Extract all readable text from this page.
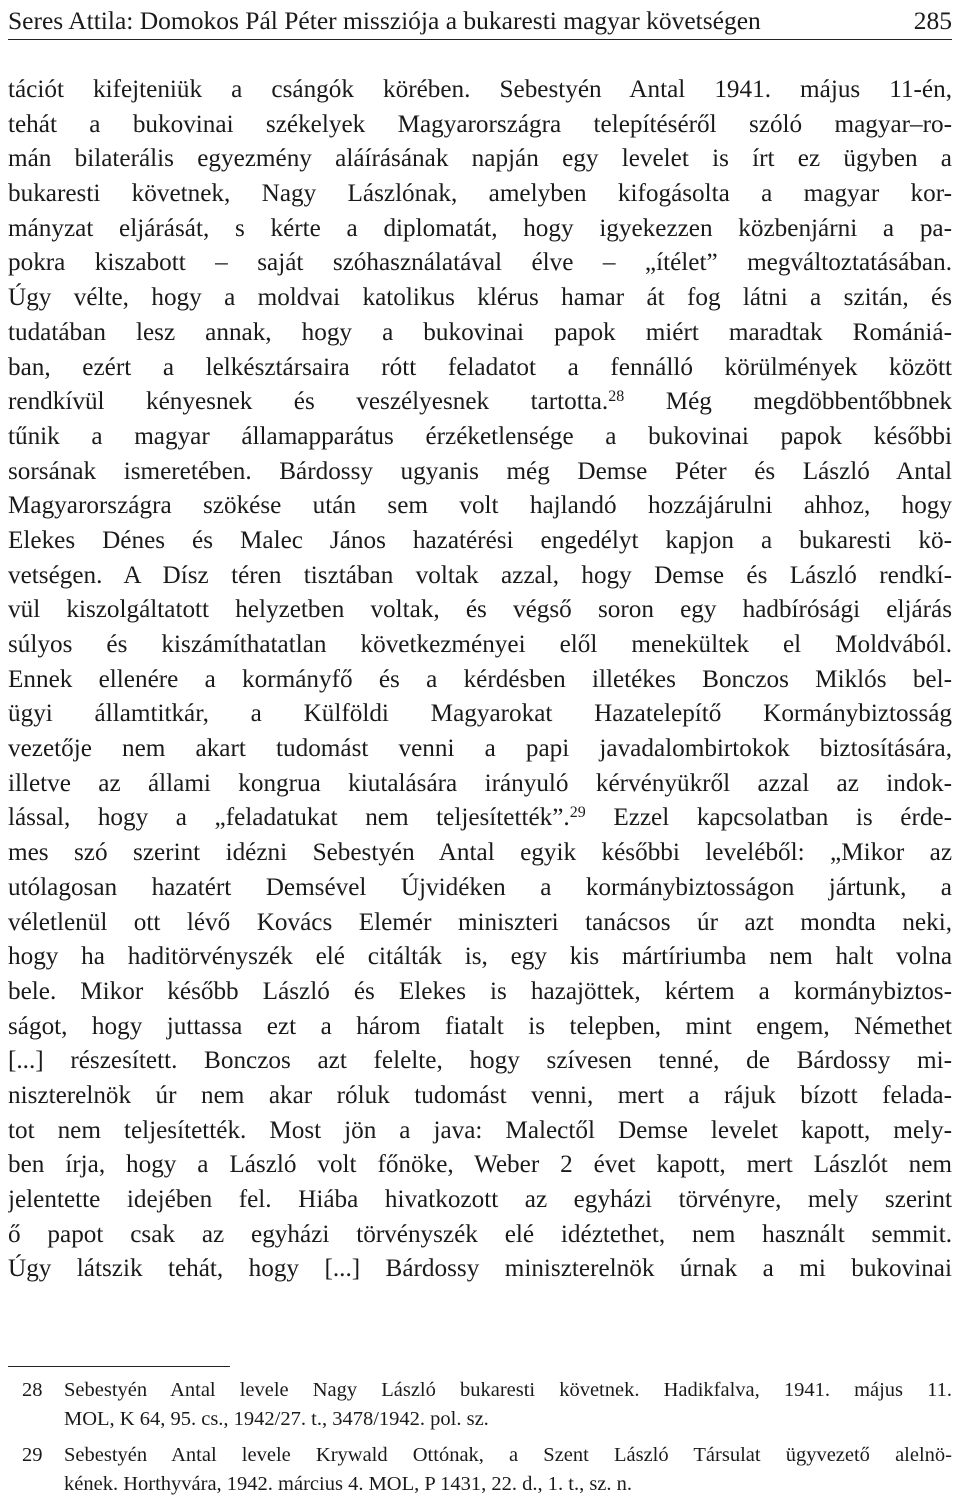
Seres Attila: Domokos Pál Péter missziója a bukaresti magyar követségen	285
tációt kifejteniük a csángók körében. Sebestyén Antal 1941. május 11-én,
tehát a bukovinai székelyek Magyarországra telepítéséről szóló magyar–ro-
mán bilaterális egyezmény aláírásának napján egy levelet is írt ez ügyben a
bukaresti követnek, Nagy Lászlónak, amelyben kifogásolta a magyar kor-
mányzat eljárását, s kérte a diplomatát, hogy igyekezzen közbenjárni a pa-
pokra kiszabott – saját szóhasználatával élve – „ítélet” megváltoztatásában.
Úgy vélte, hogy a moldvai katolikus klérus hamar át fog látni a szitán, és
tudatában lesz annak, hogy a bukovinai papok miért maradtak Romániá-
ban, ezért a lelkésztársaira rótt feladatot a fennálló körülmények között
rendkívül kényesnek és veszélyesnek tartotta.$^{28}$ Még megdöbbentőbbnek
tűnik a magyar államapparátus érzéketlensége a bukovinai papok későbbi
sorsának ismeretében. Bárdossy ugyanis még Demse Péter és László Antal
Magyarországra szökése után sem volt hajlandó hozzájárulni ahhoz, hogy
Elekes Dénes és Malec János hazatérési engedélyt kapjon a bukaresti kö-
vetségen. A Dísz téren tisztában voltak azzal, hogy Demse és László rendkí-
vül kiszolgáltatott helyzetben voltak, és végső soron egy hadbírósági eljárás
súlyos és kiszámíthatatlan következményei elől menekültek el Moldvából.
Ennek ellenére a kormányfő és a kérdésben illetékes Bonczos Miklós bel-
ügyi államtitkár, a Külföldi Magyarokat Hazatelepítő Kormánybiztosság
vezetője nem akart tudomást venni a papi javadalombirtokok biztosítására,
illetve az állami kongrua kiutalására irányuló kérvényükről azzal az indok-
lással, hogy a „feladatukat nem teljesítették”.$^{29}$ Ezzel kapcsolatban is érde-
mes szó szerint idézni Sebestyén Antal egyik későbbi leveléből: „Mikor az
utólagosan hazatért Demsével Újvidéken a kormánybiztosságon jártunk, a
véletlenül ott lévő Kovács Elemér miniszteri tanácsos úr azt mondta neki,
hogy ha haditörvényszék elé citálták is, egy kis mártíriumba nem halt volna
bele. Mikor később László és Elekes is hazajöttek, kértem a kormánybiztos-
ságot, hogy juttassa ezt a három fiatalt is telepben, mint engem, Némethet
[...] részesített. Bonczos azt felelte, hogy szívesen tenné, de Bárdossy mi-
niszterelnök úr nem akar róluk tudomást venni, mert a rájuk bízott felada-
tot nem teljesítették. Most jön a java: Malectől Demse levelet kapott, mely-
ben írja, hogy a László volt főnöke, Weber 2 évet kapott, mert Lászlót nem
jelentette idejében fel. Hiába hivatkozott az egyházi törvényre, mely szerint
ő papot csak az egyházi törvényszék elé idéztethet, nem használt semmit.
Úgy látszik tehát, hogy [...] Bárdossy miniszterelnök úrnak a mi bukovinai
28	Sebestyén Antal levele Nagy László bukaresti követnek. Hadikfalva, 1941. május 11.
MOL, K 64, 95. cs., 1942/27. t., 3478/1942. pol. sz.
29	Sebestyén Antal levele Krywald Ottónak, a Szent László Társulat ügyvezető alelnö-
kének. Horthyvára, 1942. március 4. MOL, P 1431, 22. d., 1. t., sz. n.
